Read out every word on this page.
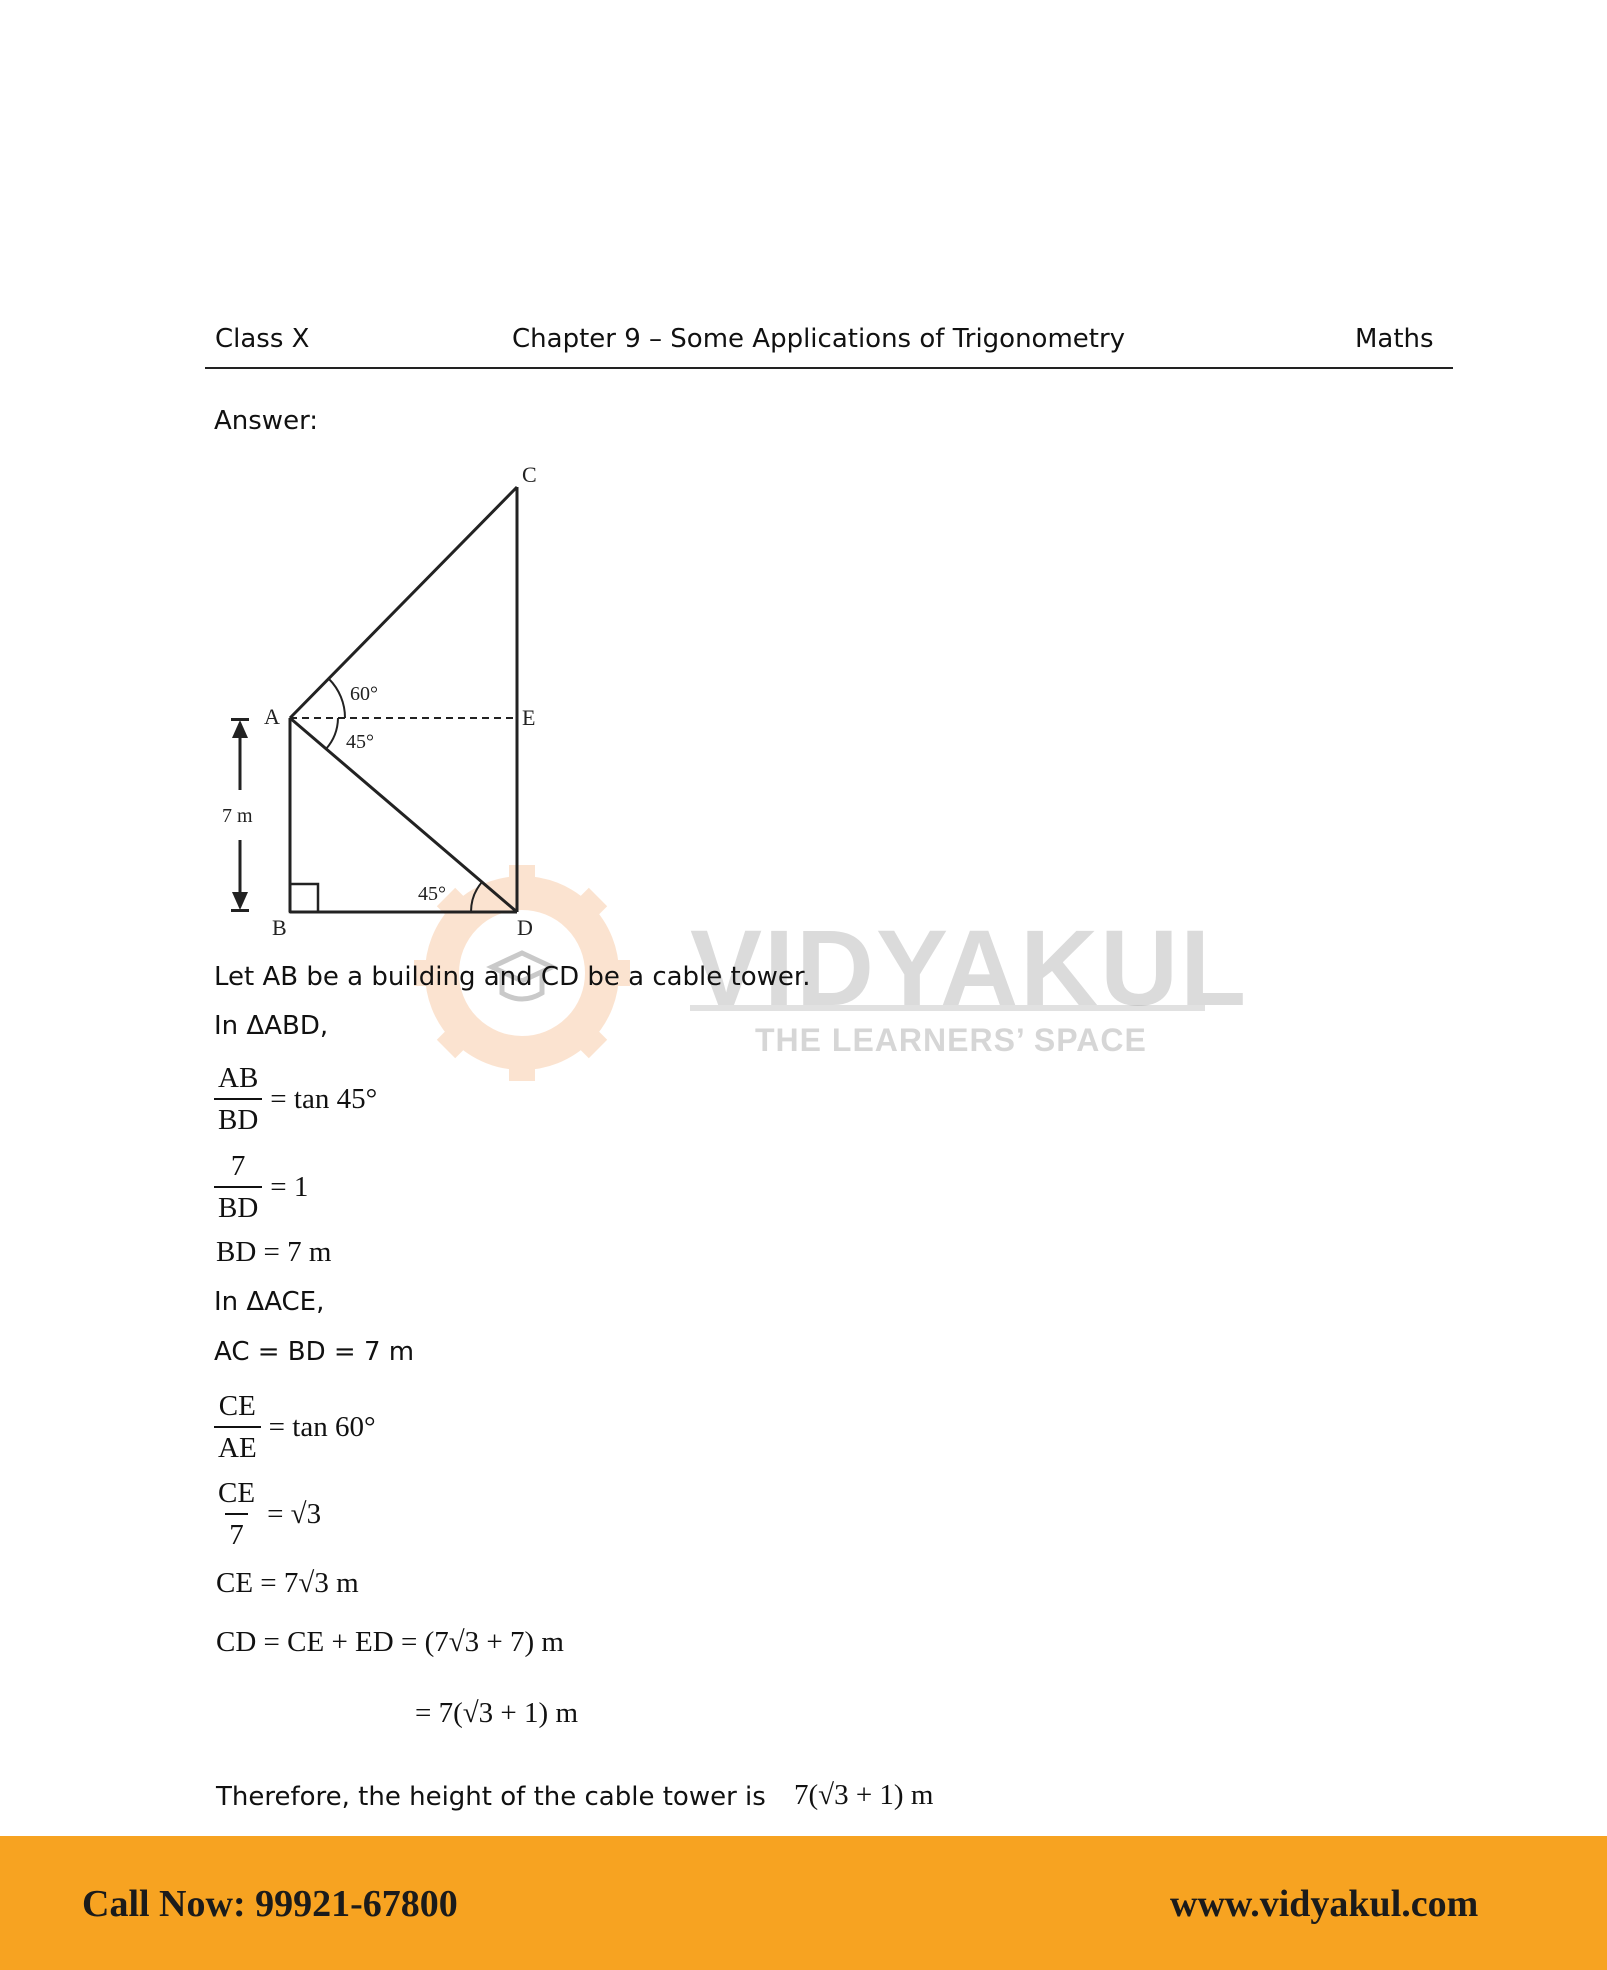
Class X	Chapter 9 – Some Applications of Trigonometry	Maths
Answer:
VIDYAKUL
THE LEARNERS’ SPACE
C
A	E
B	D
60°
45°
45°
7 m
Let AB be a building and CD be a cable tower.
In ΔABD,
$\frac{AB}{BD} = \tan 45^\circ$
$\frac{7}{BD} = 1$
BD = 7 m
In ΔACE,
AC = BD = 7 m
$\frac{CE}{AE} = \tan 60^\circ$
$\frac{CE}{7} = √3$
CE = 7√3 m
CD = CE + ED = (7√3 + 7) m
= 7(√3 + 1) m
Therefore, the height of the cable tower is 7(√3 + 1) m
Call Now: 99921-67800	www.vidyakul.com
